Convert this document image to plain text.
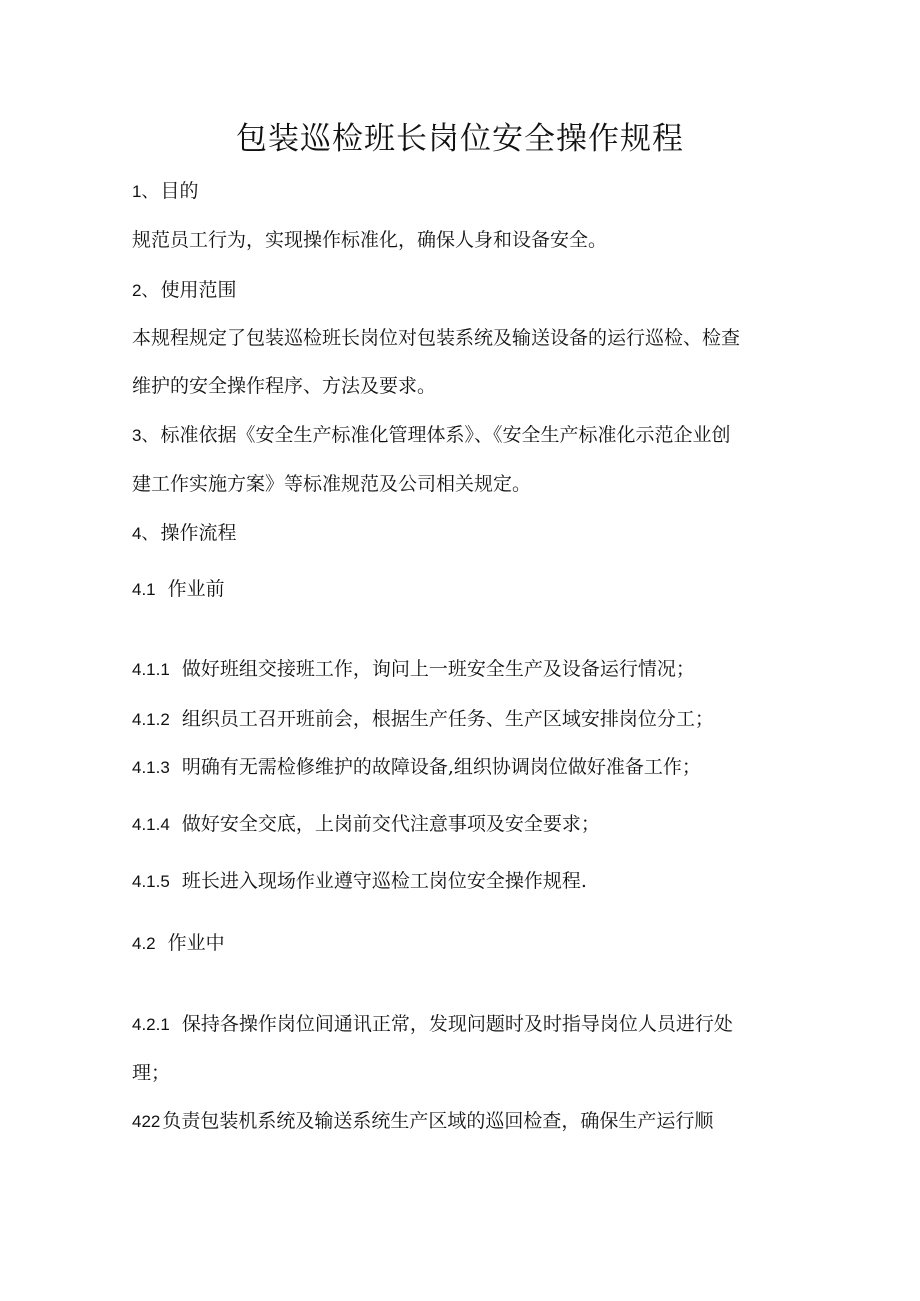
包装巡检班长岗位安全操作规程
1、 目的
规范员工行为，实现操作标准化，确保人身和设备安全。
2、 使用范围
本规程规定了包装巡检班长岗位对包装系统及输送设备的运行巡检、检查
维护的安全操作程序、方法及要求。
3、 标准依据《安全生产标准化管理体系》、《安全生产标准化示范企业创
建工作实施方案》等标准规范及公司相关规定。
4、 操作流程
4.1 作业前
4.1.1 做好班组交接班工作，询问上一班安全生产及设备运行情况；
4.1.2 组织员工召开班前会，根据生产任务、生产区域安排岗位分工；
4.1.3 明确有无需检修维护的故障设备,组织协调岗位做好准备工作；
4.1.4 做好安全交底，上岗前交代注意事项及安全要求；
4.1.5 班长进入现场作业遵守巡检工岗位安全操作规程.
4.2 作业中
4.2.1 保持各操作岗位间通讯正常，发现问题时及时指导岗位人员进行处
理；
422 负责包装机系统及输送系统生产区域的巡回检查，确保生产运行顺
